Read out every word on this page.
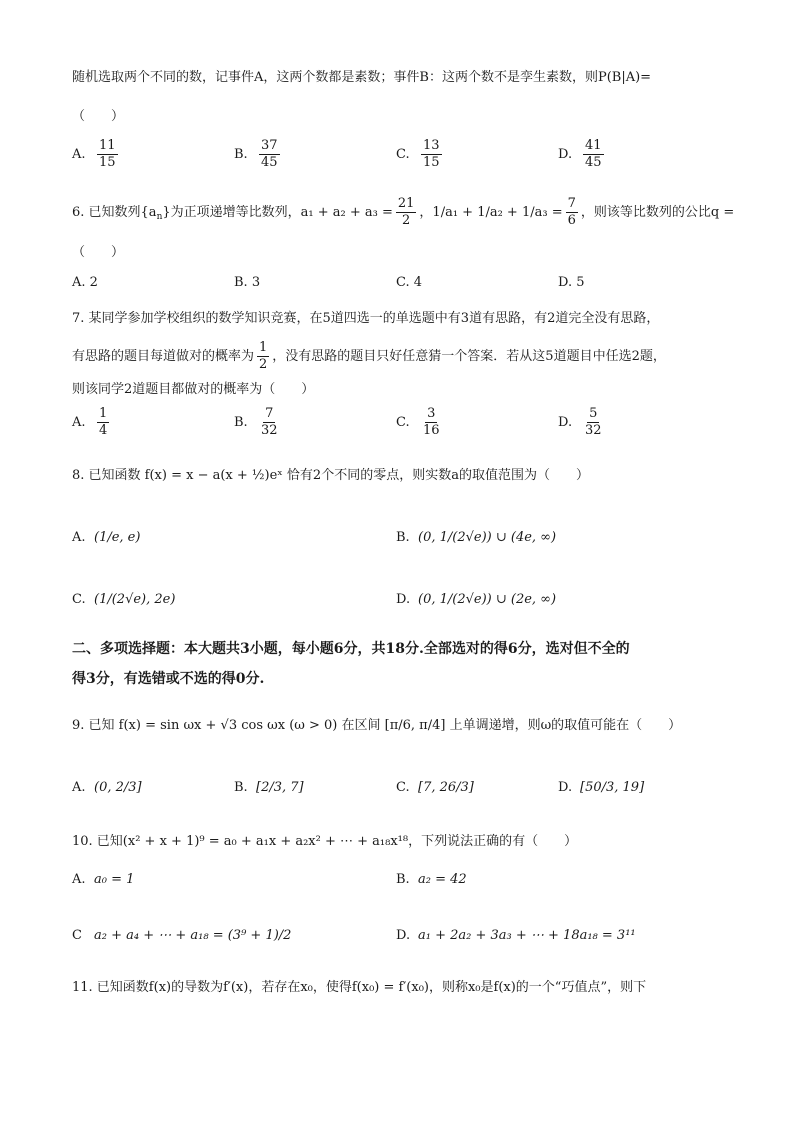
随机选取两个不同的数，记事件A，这两个数都是素数；事件B：这两个数不是孪生素数，则P(B|A)=
（　　）
A. $\frac{11}{15}$	B. $\frac{37}{45}$	C. $\frac{13}{15}$	D. $\frac{41}{45}$
6. 已知数列{a n }为正项递增等比数列，$a_1 + a_2 + a_3 = \frac{21}{2}$ ， $1/a_1 + 1/a_2 + 1/a_3 = \frac{7}{6}$ ，则该等比数列的公比q =
（　　）
A.
2	B.
3	C.
4	D.
5
7. 某同学参加学校组织的数学知识竞赛，在5道四选一的单选题中有3道有思路，有2道完全没有思路，
有思路的题目每道做对的概率为 $\frac{1}{2}$ ，没有思路的题目只好任意猜一个答案．若从这5道题目中任选2题，
则该同学2道题目都做对的概率为（　　）
A. $\frac{1}{4}$	B. $\frac{7}{32}$	C. $\frac{3}{16}$	D. $\frac{5}{32}$
8. 已知函数 f(x) = x − a(x + ½)eˣ 恰有2个不同的零点，则实数a的取值范围为（　　）
A. (1/e, e)	B. (0, 1/(2√e)) ∪ (4e, ∞)
C. (1/(2√e), 2e)	D. (0, 1/(2√e)) ∪ (2e, ∞)
二、多项选择题：本大题共3小题，每小题6分，共18分.全部选对的得6分，选对但不全的
得3分，有选错或不选的得0分.
9. 已知 f(x) = sin ωx + √3 cos ωx (ω > 0) 在区间 [π/6, π/4] 上单调递增，则ω的取值可能在（　　）
A. (0, 2/3]	B. [2/3, 7]	C. [7, 26/3]	D. [50/3, 19]
10. 已知(x² + x + 1)⁹ = a₀ + a₁x + a₂x² + ⋯ + a₁₈x¹⁸，下列说法正确的有（　　）
A. a₀ = 1	B. a₂ = 42
C a₂ + a₄ + ⋯ + a₁₈ = (3⁹ + 1)/2	D. a₁ + 2a₂ + 3a₃ + ⋯ + 18a₁₈ = 3¹¹
11. 已知函数f(x)的导数为f′(x)，若存在x₀，使得f(x₀) = f′(x₀)，则称x₀是f(x)的一个“巧值点”，则下
